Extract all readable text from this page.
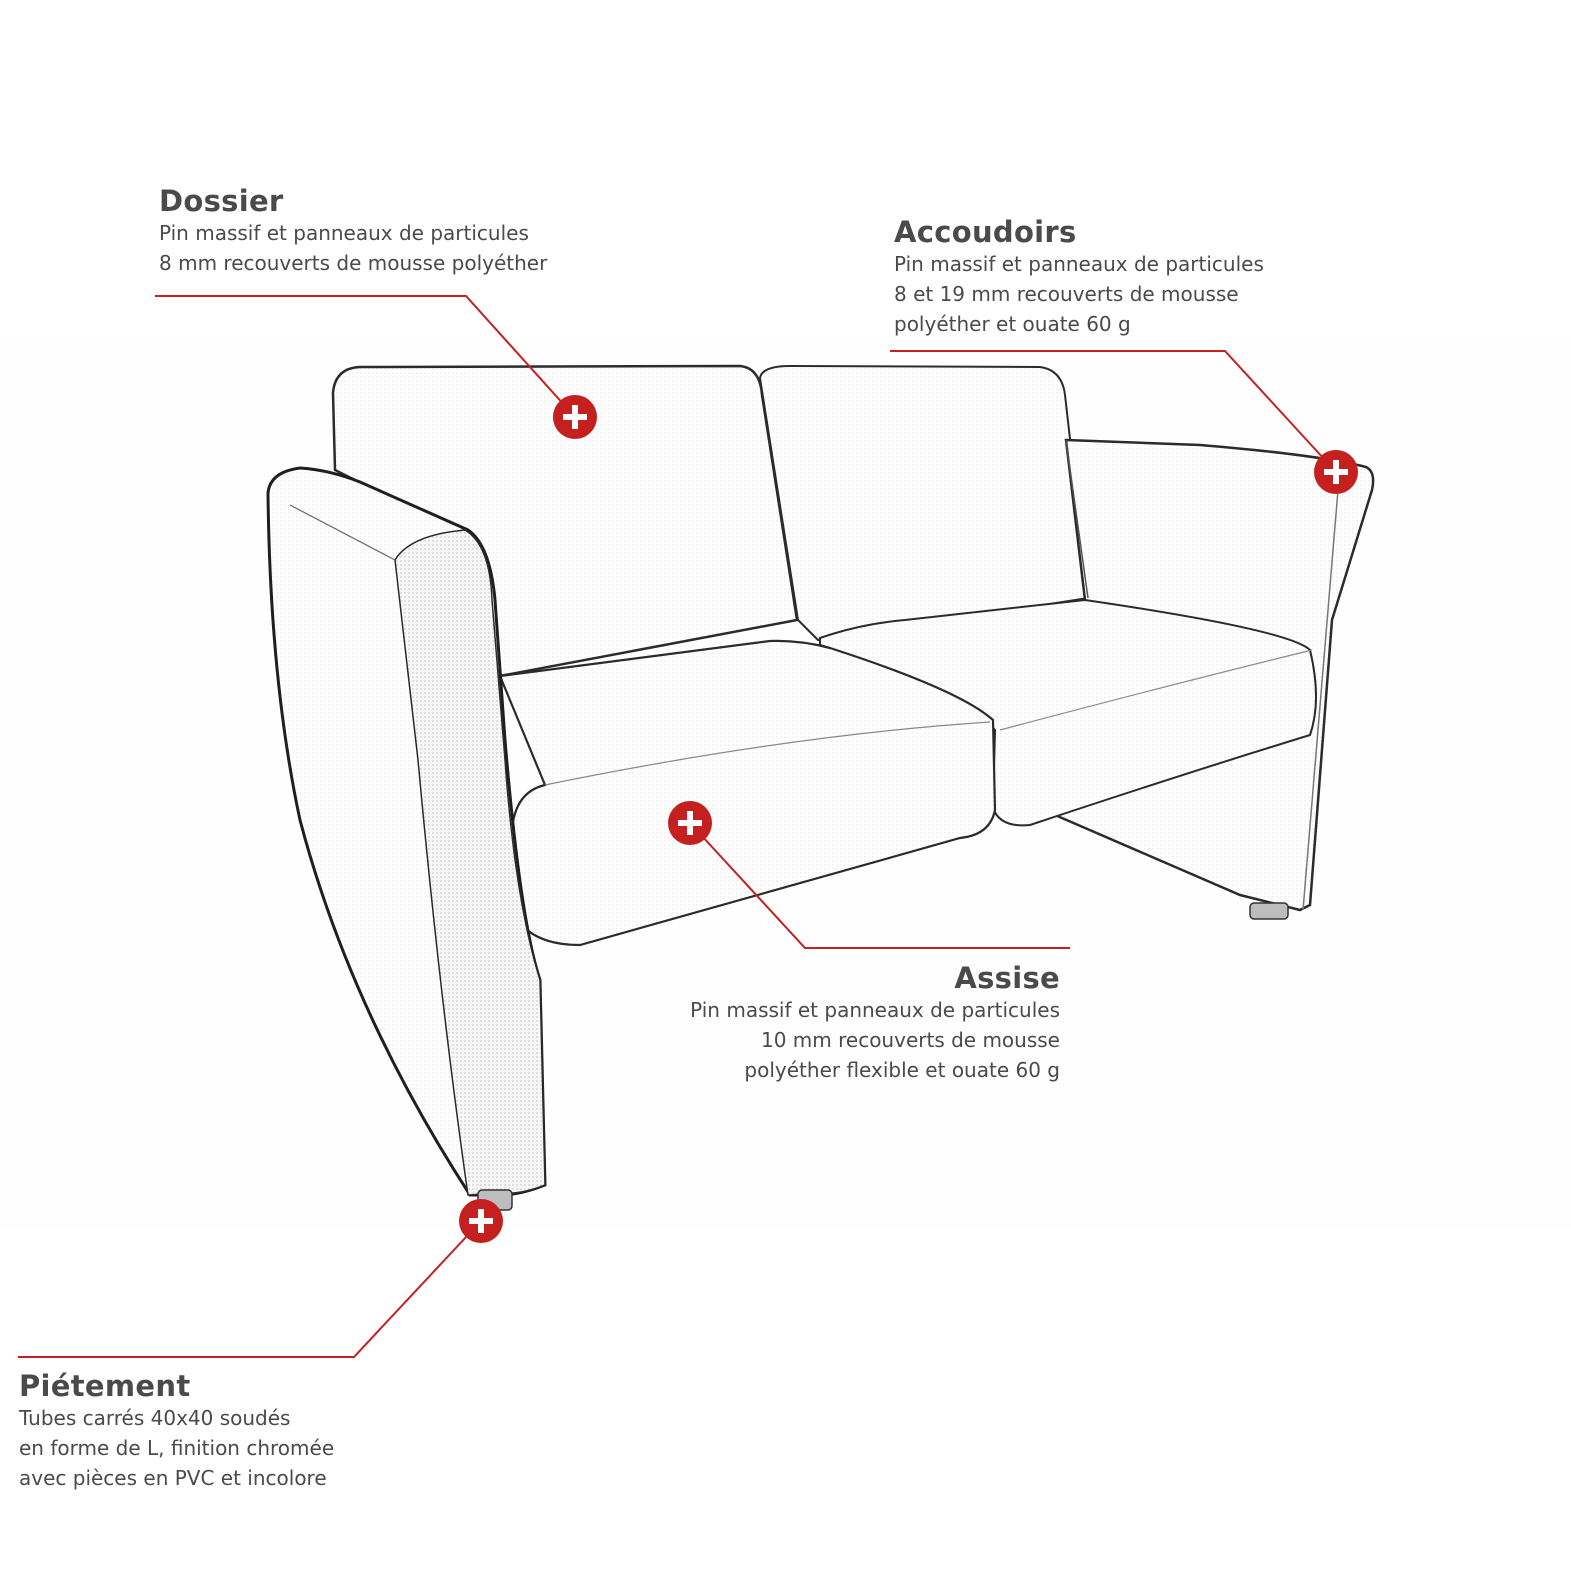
Dossier

Pin massif et panneaux de particules

8 mm recouverts de mousse polyéther

Accoudoirs

Pin massif et panneaux de particules

8 et 19 mm recouverts de mousse

polyéther et ouate 60 g

Assise

Pin massif et panneaux de particules

10 mm recouverts de mousse

polyéther flexible et ouate 60 g

Piétement

Tubes carrés 40x40 soudés

en forme de L, finition chromée

avec pièces en PVC et incolore
